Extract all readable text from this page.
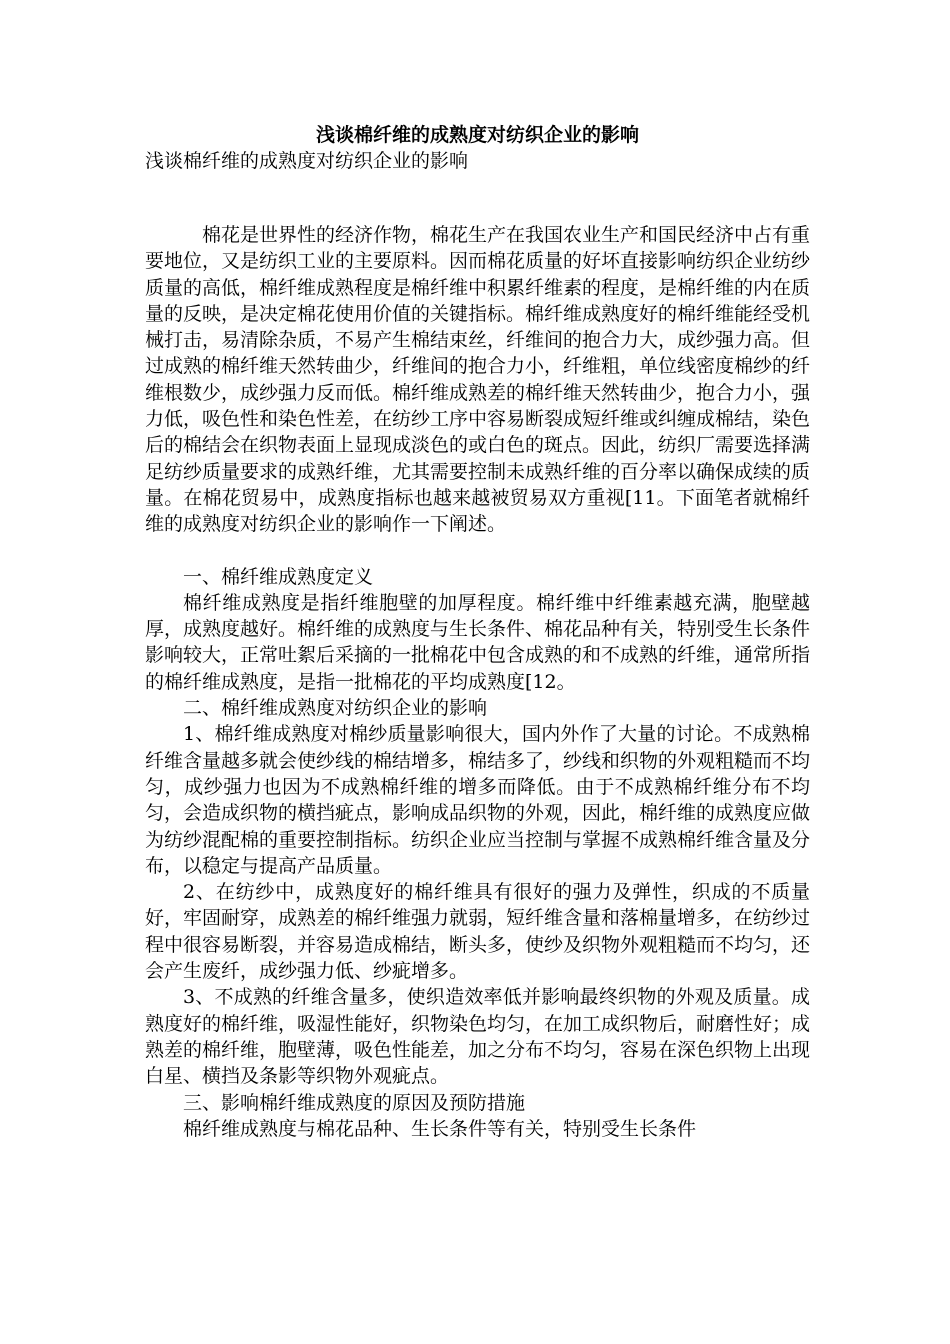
浅谈棉纤维的成熟度对纺织企业的影响

浅谈棉纤维的成熟度对纺织企业的影响

棉花是世界性的经济作物，棉花生产在我国农业生产和国民经济中占有重要地位，又是纺织工业的主要原料。因而棉花质量的好坏直接影响纺织企业纺纱质量的高低，棉纤维成熟程度是棉纤维中积累纤维素的程度，是棉纤维的内在质量的反映，是决定棉花使用价值的关键指标。棉纤维成熟度好的棉纤维能经受机械打击，易清除杂质，不易产生棉结束丝，纤维间的抱合力大，成纱强力高。但过成熟的棉纤维天然转曲少，纤维间的抱合力小，纤维粗，单位线密度棉纱的纤维根数少，成纱强力反而低。棉纤维成熟差的棉纤维天然转曲少，抱合力小，强力低，吸色性和染色性差，在纺纱工序中容易断裂成短纤维或纠缠成棉结，染色后的棉结会在织物表面上显现成淡色的或白色的斑点。因此，纺织厂需要选择满足纺纱质量要求的成熟纤维，尤其需要控制未成熟纤维的百分率以确保成续的质量。在棉花贸易中，成熟度指标也越来越被贸易双方重视[11。下面笔者就棉纤维的成熟度对纺织企业的影响作一下阐述。

一、棉纤维成熟度定义

棉纤维成熟度是指纤维胞壁的加厚程度。棉纤维中纤维素越充满，胞壁越厚，成熟度越好。棉纤维的成熟度与生长条件、棉花品种有关，特别受生长条件影响较大，正常吐絮后采摘的一批棉花中包含成熟的和不成熟的纤维，通常所指的棉纤维成熟度，是指一批棉花的平均成熟度[12。

二、棉纤维成熟度对纺织企业的影响

1、棉纤维成熟度对棉纱质量影响很大，国内外作了大量的讨论。不成熟棉纤维含量越多就会使纱线的棉结增多，棉结多了，纱线和织物的外观粗糙而不均匀，成纱强力也因为不成熟棉纤维的增多而降低。由于不成熟棉纤维分布不均匀，会造成织物的横挡疵点，影响成品织物的外观，因此，棉纤维的成熟度应做为纺纱混配棉的重要控制指标。纺织企业应当控制与掌握不成熟棉纤维含量及分布，以稳定与提高产品质量。

2、在纺纱中，成熟度好的棉纤维具有很好的强力及弹性，织成的不质量好，牢固耐穿，成熟差的棉纤维强力就弱，短纤维含量和落棉量增多，在纺纱过程中很容易断裂，并容易造成棉结，断头多，使纱及织物外观粗糙而不均匀，还会产生废纤，成纱强力低、纱疵增多。

3、不成熟的纤维含量多，使织造效率低并影响最终织物的外观及质量。成熟度好的棉纤维，吸湿性能好，织物染色均匀，在加工成织物后，耐磨性好；成熟差的棉纤维，胞壁薄，吸色性能差，加之分布不均匀，容易在深色织物上出现白星、横挡及条影等织物外观疵点。

三、影响棉纤维成熟度的原因及预防措施

棉纤维成熟度与棉花品种、生长条件等有关，特别受生长条件
